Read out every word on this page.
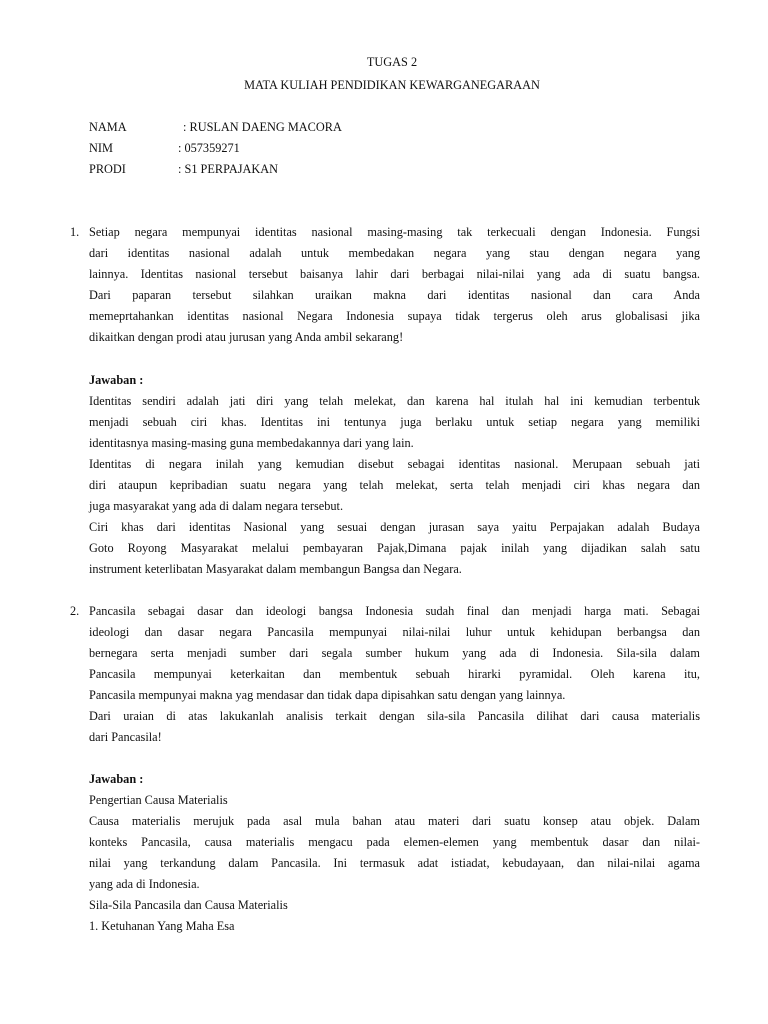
TUGAS 2
MATA KULIAH PENDIDIKAN KEWARGANEGARAAN
NAMA	: RUSLAN DAENG MACORA
NIM	: 057359271
PRODI	: S1 PERPAJAKAN
1. Setiap negara mempunyai identitas nasional masing-masing tak terkecuali dengan Indonesia. Fungsi
dari identitas nasional adalah untuk membedakan negara yang stau dengan negara yang
lainnya. Identitas nasional tersebut baisanya lahir dari berbagai nilai-nilai yang ada di suatu bangsa.
Dari paparan tersebut silahkan uraikan makna dari identitas nasional dan cara Anda
memeprtahankan identitas nasional Negara Indonesia supaya tidak tergerus oleh arus globalisasi jika
dikaitkan dengan prodi atau jurusan yang Anda ambil sekarang!
Jawaban :
Identitas sendiri adalah jati diri yang telah melekat, dan karena hal itulah hal ini kemudian terbentuk
menjadi sebuah ciri khas. Identitas ini tentunya juga berlaku untuk setiap negara yang memiliki
identitasnya masing-masing guna membedakannya dari yang lain.
Identitas di negara inilah yang kemudian disebut sebagai identitas nasional. Merupaan sebuah jati
diri ataupun kepribadian suatu negara yang telah melekat, serta telah menjadi ciri khas negara dan
juga masyarakat yang ada di dalam negara tersebut.
Ciri khas dari identitas Nasional yang sesuai dengan jurasan saya yaitu Perpajakan adalah Budaya
Goto Royong Masyarakat melalui pembayaran Pajak,Dimana pajak inilah yang dijadikan salah satu
instrument keterlibatan Masyarakat dalam membangun Bangsa dan Negara.
2. Pancasila sebagai dasar dan ideologi bangsa Indonesia sudah final dan menjadi harga mati. Sebagai
ideologi dan dasar negara Pancasila mempunyai nilai-nilai luhur untuk kehidupan berbangsa dan
bernegara serta menjadi sumber dari segala sumber hukum yang ada di Indonesia. Sila-sila dalam
Pancasila mempunyai keterkaitan dan membentuk sebuah hirarki pyramidal. Oleh karena itu,
Pancasila mempunyai makna yag mendasar dan tidak dapa dipisahkan satu dengan yang lainnya.
Dari uraian di atas lakukanlah analisis terkait dengan sila-sila Pancasila dilihat dari causa materialis
dari Pancasila!
Jawaban :
Pengertian Causa Materialis
Causa materialis merujuk pada asal mula bahan atau materi dari suatu konsep atau objek. Dalam
konteks Pancasila, causa materialis mengacu pada elemen-elemen yang membentuk dasar dan nilai-
nilai yang terkandung dalam Pancasila. Ini termasuk adat istiadat, kebudayaan, dan nilai-nilai agama
yang ada di Indonesia.
Sila-Sila Pancasila dan Causa Materialis
1. Ketuhanan Yang Maha Esa
